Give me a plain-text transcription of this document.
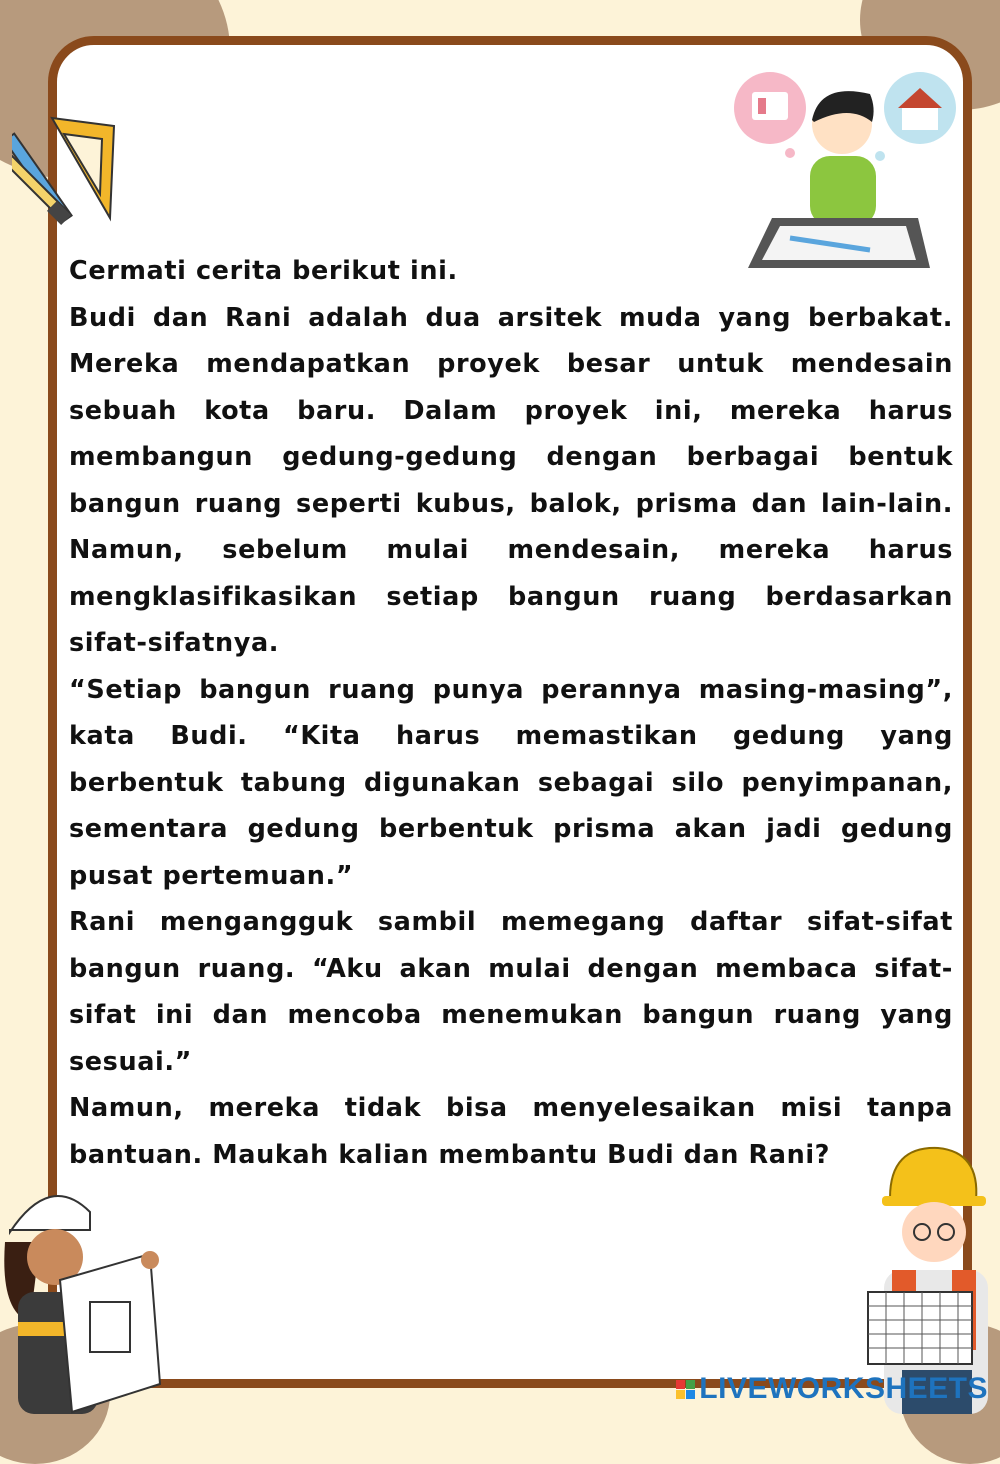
Cermati cerita berikut ini.

Budi dan Rani adalah dua arsitek muda yang berbakat. Mereka mendapatkan proyek besar untuk mendesain sebuah kota baru. Dalam proyek ini, mereka harus membangun gedung-gedung dengan berbagai bentuk bangun ruang seperti kubus, balok, prisma dan lain-lain. Namun, sebelum mulai mendesain, mereka harus mengklasifikasikan setiap bangun ruang berdasarkan sifat-sifatnya.

“Setiap bangun ruang punya perannya masing-masing”, kata Budi. “Kita harus memastikan gedung yang berbentuk tabung digunakan sebagai silo penyimpanan, sementara gedung berbentuk prisma akan jadi gedung pusat pertemuan.”

Rani mengangguk sambil memegang daftar sifat-sifat bangun ruang. “Aku akan mulai dengan membaca sifat-sifat ini dan mencoba menemukan bangun ruang yang sesuai.”

Namun, mereka tidak bisa menyelesaikan misi tanpa bantuan. Maukah kalian membantu Budi dan Rani?

LIVEWORKSHEETS
